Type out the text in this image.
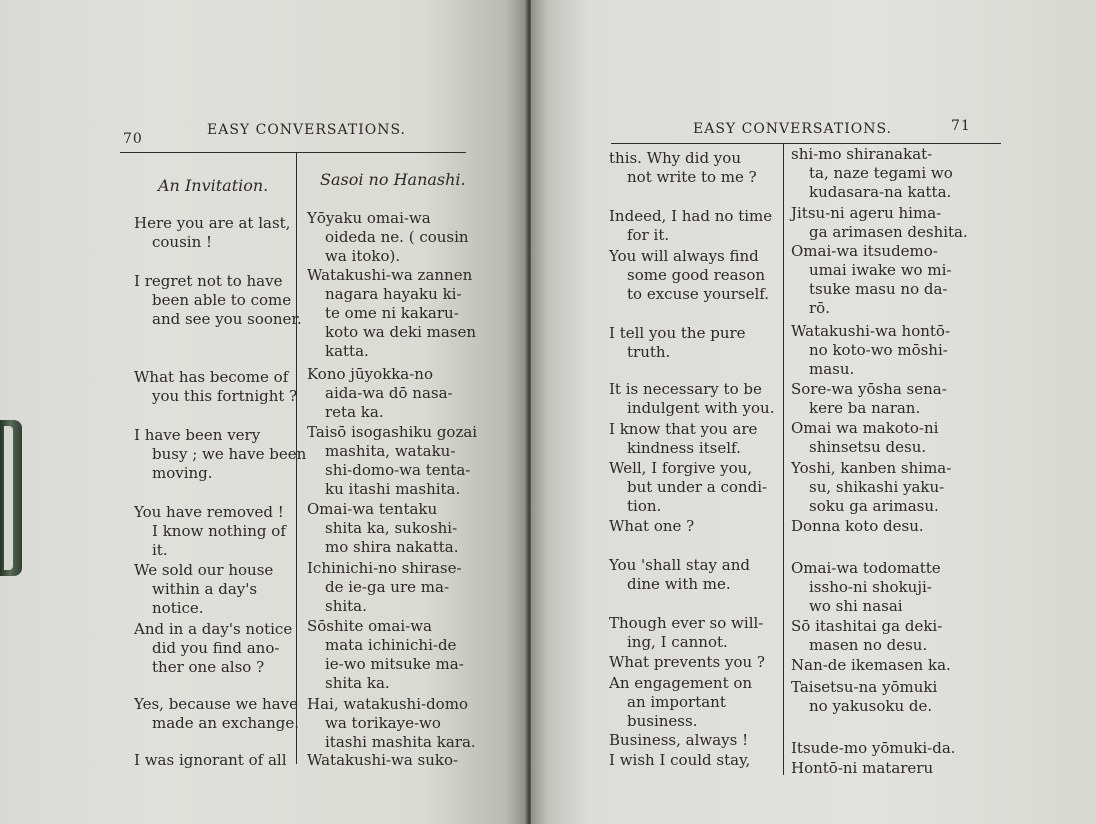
70
EASY CONVERSATIONS.
An Invitation.	Sasoi no Hanashi.
Here you are at last,
cousin !
I regret not to have
been able to come
and see you sooner.
What has become of
you this fortnight ?
I have been very
busy ; we have been
moving.
You have removed !
I know nothing of
it.
We sold our house
within a day's
notice.
And in a day's notice
did you find ano-
ther one also ?
Yes, because we have
made an exchange.
I was ignorant of all
Yōyaku omai-wa
oideda ne. ( cousin
wa itoko).
Watakushi-wa zannen
nagara hayaku ki-
te ome ni kakaru-
koto wa deki masen
katta.
Kono jūyokka-no
aida-wa dō nasa-
reta ka.
Taisō isogashiku gozai
mashita, wataku-
shi-domo-wa tenta-
ku itashi mashita.
Omai-wa tentaku
shita ka, sukoshi-
mo shira nakatta.
Ichinichi-no shirase-
de ie-ga ure ma-
shita.
Sōshite omai-wa
mata ichinichi-de
ie-wo mitsuke ma-
shita ka.
Hai, watakushi-domo
wa torikaye-wo
itashi mashita kara.
Watakushi-wa suko-
EASY CONVERSATIONS.	71
this. Why did you
not write to me ?
Indeed, I had no time
for it.
You will always find
some good reason
to excuse yourself.
I tell you the pure
truth.
It is necessary to be
indulgent with you.
I know that you are
kindness itself.
Well, I forgive you,
but under a condi-
tion.
What one ?
You 'shall stay and
dine with me.
Though ever so will-
ing, I cannot.
What prevents you ?
An engagement on
an important
business.
Business, always !
I wish I could stay,
shi-mo shiranakat-
ta, naze tegami wo
kudasara-na katta.
Jitsu-ni ageru hima-
ga arimasen deshita.
Omai-wa itsudemo-
umai iwake wo mi-
tsuke masu no da-
rō.
Watakushi-wa hontō-
no koto-wo mōshi-
masu.
Sore-wa yōsha sena-
kere ba naran.
Omai wa makoto-ni
shinsetsu desu.
Yoshi, kanben shima-
su, shikashi yaku-
soku ga arimasu.
Donna koto desu.
Omai-wa todomatte
issho-ni shokuji-
wo shi nasai
Sō itashitai ga deki-
masen no desu.
Nan-de ikemasen ka.
Taisetsu-na yōmuki
no yakusoku de.
Itsude-mo yōmuki-da.
Hontō-ni matareru
